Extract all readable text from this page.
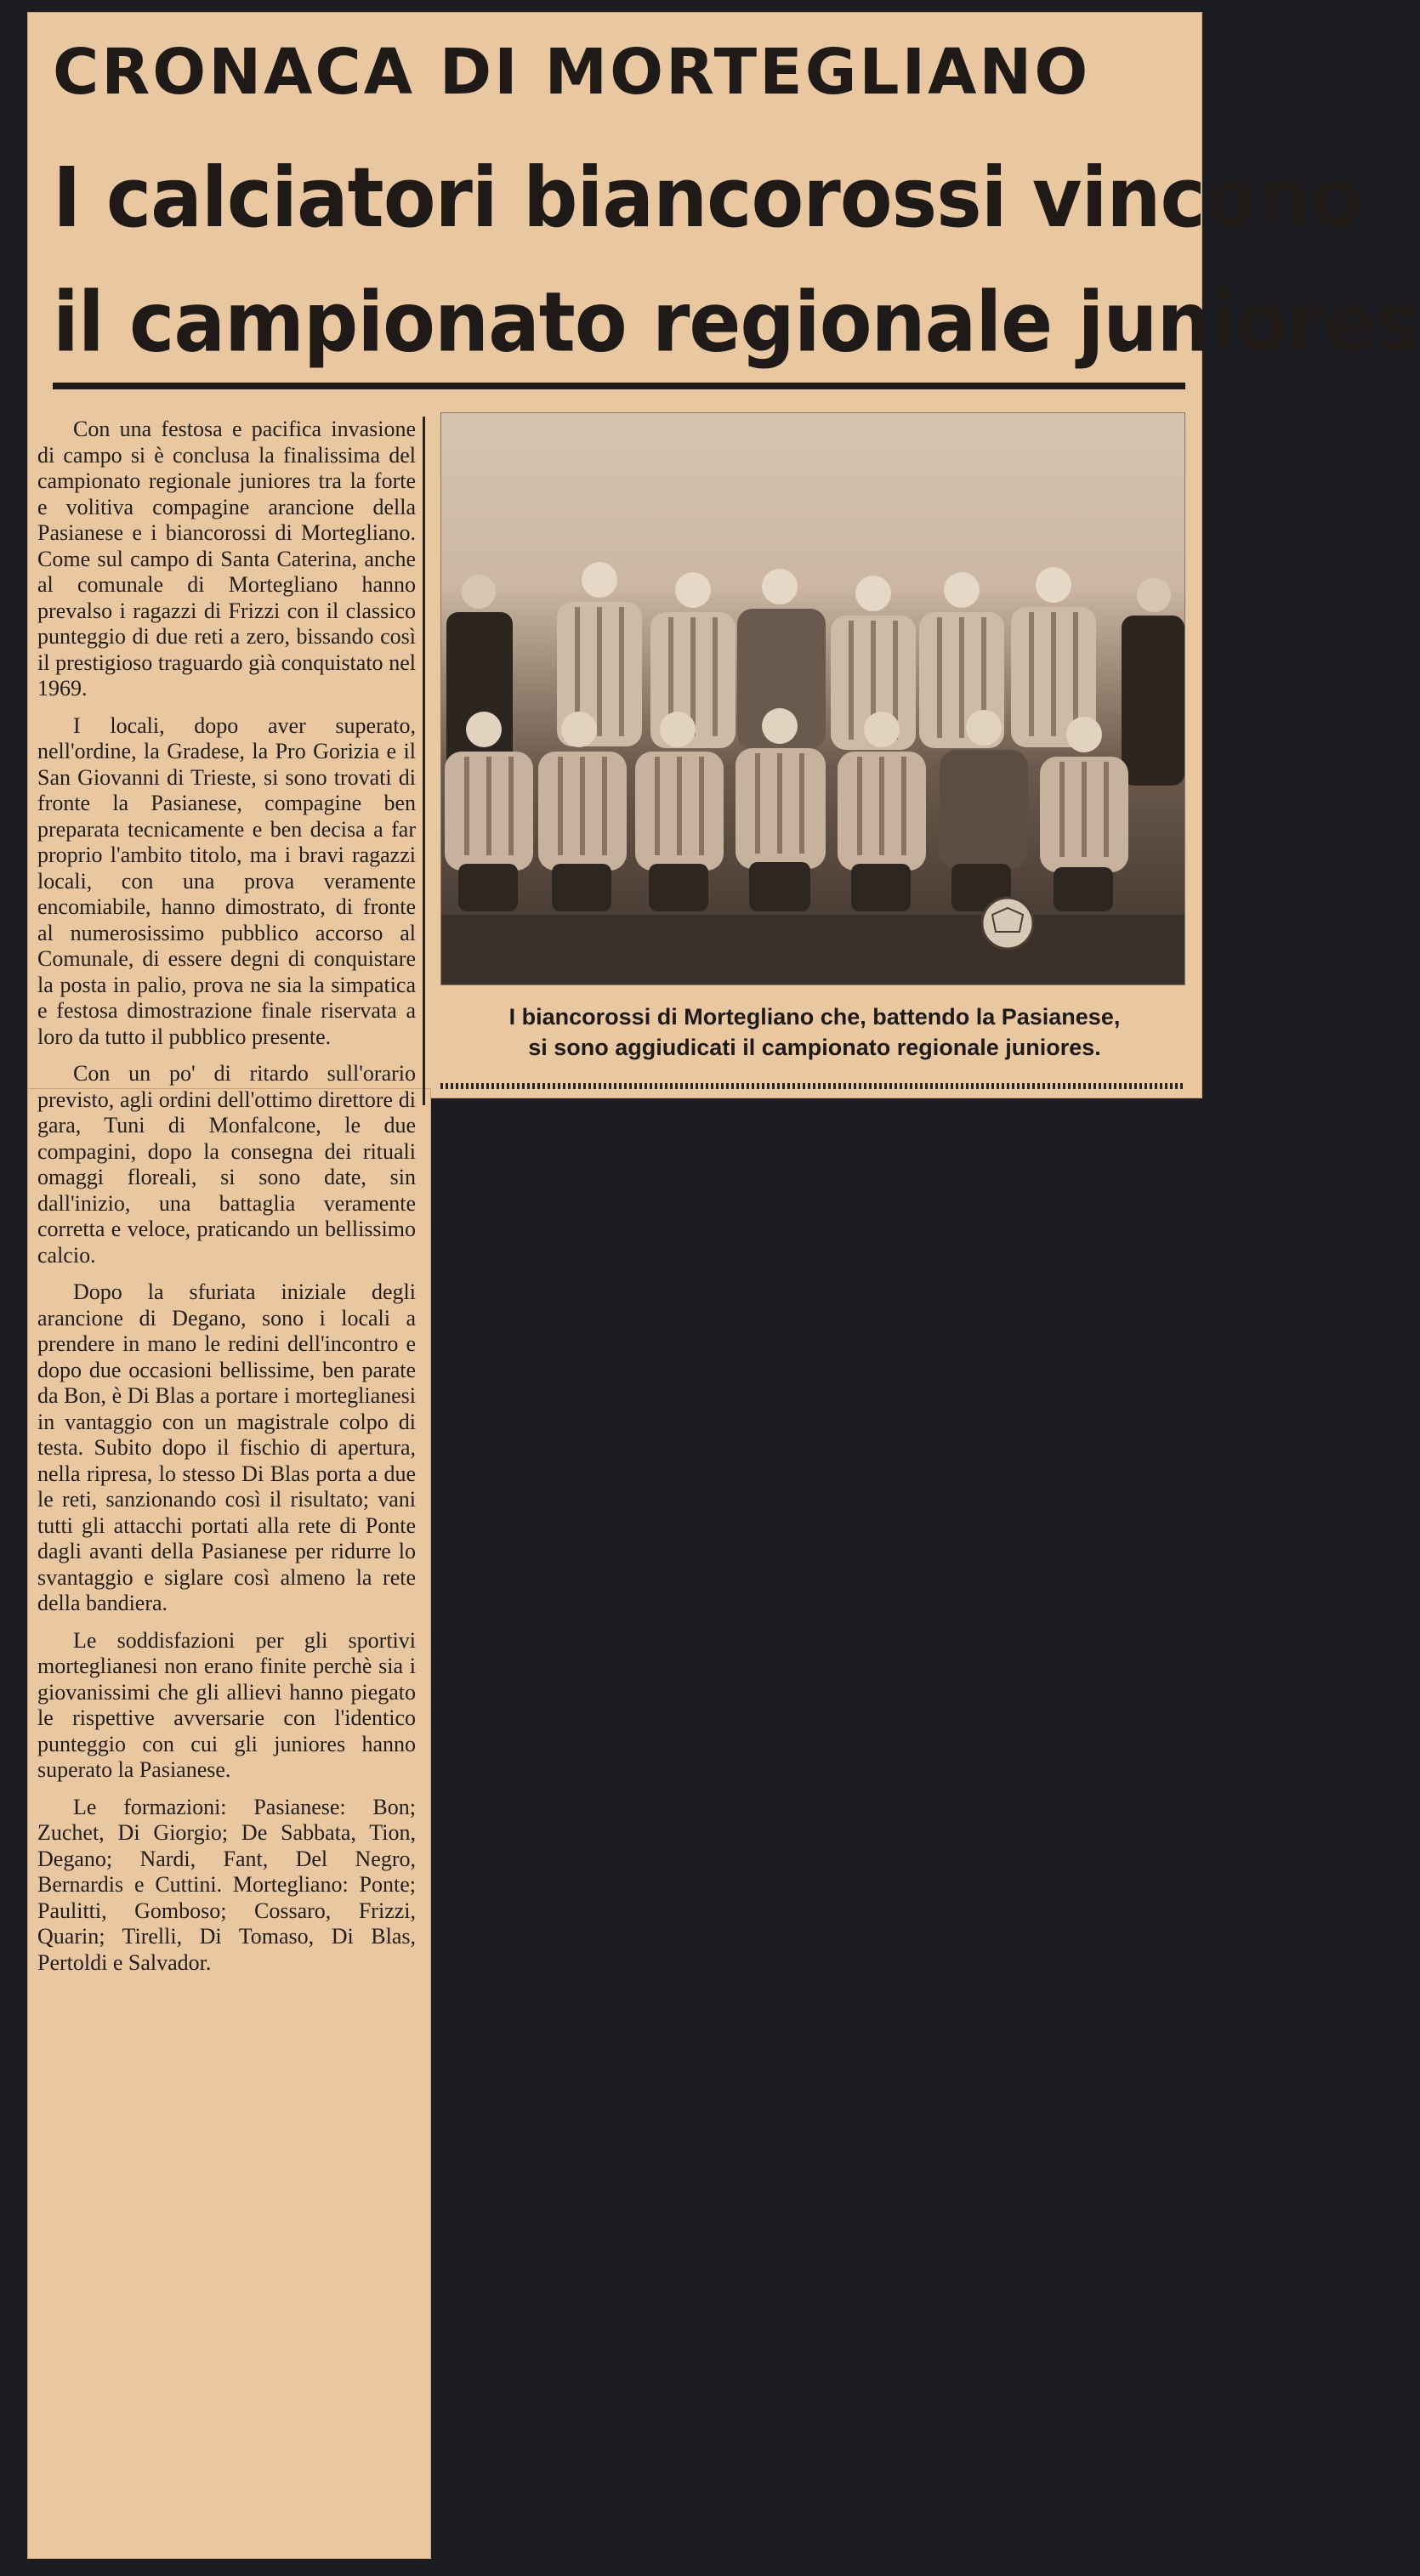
CRONACA DI MORTEGLIANO
I calciatori biancorossi vincono
il campionato regionale juniores

Con una festosa e pacifica invasione di campo si è conclusa la finalissima del campionato regionale juniores tra la forte e volitiva compagine arancione della Pasianese e i biancorossi di Mortegliano. Come sul campo di Santa Caterina, anche al comunale di Mortegliano hanno prevalso i ragazzi di Frizzi con il classico punteggio di due reti a zero, bissando così il prestigioso traguardo già conquistato nel 1969.

I locali, dopo aver superato, nell'ordine, la Gradese, la Pro Gorizia e il San Giovanni di Trieste, si sono trovati di fronte la Pasianese, compagine ben preparata tecnicamente e ben decisa a far proprio l'ambito titolo, ma i bravi ragazzi locali, con una prova veramente encomiabile, hanno dimostrato, di fronte al numerosissimo pubblico accorso al Comunale, di essere degni di conquistare la posta in palio, prova ne sia la simpatica e festosa dimostrazione finale riservata a loro da tutto il pubblico presente.

Con un po' di ritardo sull'orario previsto, agli ordini dell'ottimo direttore di gara, Tuni di Monfalcone, le due compagini, dopo la consegna dei rituali omaggi floreali, si sono date, sin dall'inizio, una battaglia veramente corretta e veloce, praticando un bellissimo calcio.

Dopo la sfuriata iniziale degli arancione di Degano, sono i locali a prendere in mano le redini dell'incontro e dopo due occasioni bellissime, ben parate da Bon, è Di Blas a portare i morteglianesi in vantaggio con un magistrale colpo di testa. Subito dopo il fischio di apertura, nella ripresa, lo stesso Di Blas porta a due le reti, sanzionando così il risultato; vani tutti gli attacchi portati alla rete di Ponte dagli avanti della Pasianese per ridurre lo svantaggio e siglare così almeno la rete della bandiera.

Le soddisfazioni per gli sportivi morteglianesi non erano finite perchè sia i giovanissimi che gli allievi hanno piegato le rispettive avversarie con l'identico punteggio con cui gli juniores hanno superato la Pasianese.

Le formazioni: Pasianese: Bon; Zuchet, Di Giorgio; De Sabbata, Tion, Degano; Nardi, Fant, Del Negro, Bernardis e Cuttini. Mortegliano: Ponte; Paulitti, Gomboso; Cossaro, Frizzi, Quarin; Tirelli, Di Tomaso, Di Blas, Pertoldi e Salvador.

I biancorossi di Mortegliano che, battendo la Pasianese,
si sono aggiudicati il campionato regionale juniores.
